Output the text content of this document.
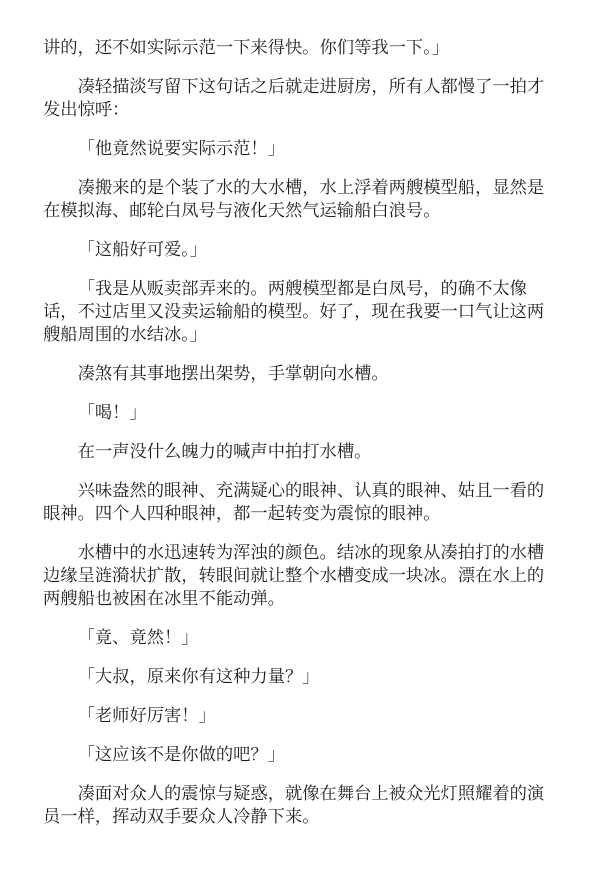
讲的，还不如实际示范一下来得快。你们等我一下。」

凑轻描淡写留下这句话之后就走进厨房，所有人都慢了一拍才发出惊呼：

「他竟然说要实际示范！」

凑搬来的是个装了水的大水槽，水上浮着两艘模型船，显然是在模拟海、邮轮白凤号与液化天然气运输船白浪号。

「这船好可爱。」

「我是从贩卖部弄来的。两艘模型都是白凤号，的确不太像话，不过店里又没卖运输船的模型。好了，现在我要一口气让这两艘船周围的水结冰。」

凑煞有其事地摆出架势，手掌朝向水槽。

「喝！」

在一声没什么魄力的喊声中拍打水槽。

兴味盎然的眼神、充满疑心的眼神、认真的眼神、姑且一看的眼神。四个人四种眼神，都一起转变为震惊的眼神。

水槽中的水迅速转为浑浊的颜色。结冰的现象从凑拍打的水槽边缘呈涟漪状扩散，转眼间就让整个水槽变成一块冰。漂在水上的两艘船也被困在冰里不能动弹。

「竟、竟然！」

「大叔，原来你有这种力量？」

「老师好厉害！」

「这应该不是你做的吧？」

凑面对众人的震惊与疑惑，就像在舞台上被众光灯照耀着的演员一样，挥动双手要众人冷静下来。
